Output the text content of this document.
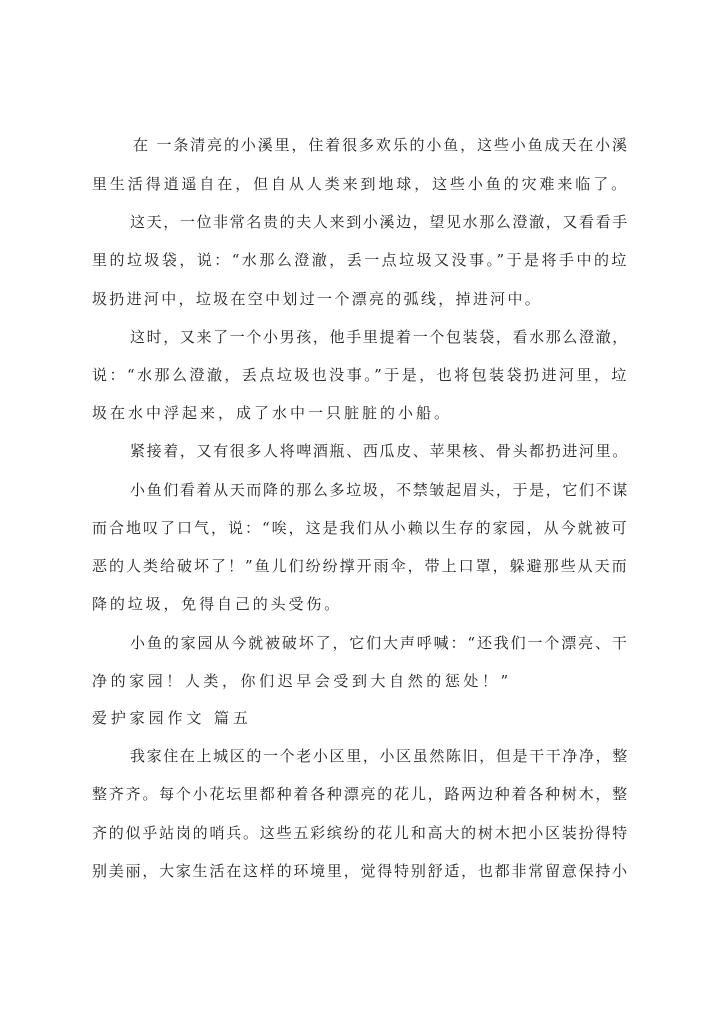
在 一条清亮的小溪里，住着很多欢乐的小鱼，这些小鱼成天在小溪
里生活得逍遥自在，但自从人类来到地球，这些小鱼的灾难来临了。
这天，一位非常名贵的夫人来到小溪边，望见水那么澄澈，又看看手
里的垃圾袋，说：“水那么澄澈，丢一点垃圾又没事。”于是将手中的垃
圾扔进河中，垃圾在空中划过一个漂亮的弧线，掉进河中。
这时，又来了一个小男孩，他手里提着一个包装袋，看水那么澄澈，
说：“水那么澄澈，丢点垃圾也没事。”于是，也将包装袋扔进河里，垃
圾在水中浮起来，成了水中一只脏脏的小船。
紧接着，又有很多人将啤酒瓶、西瓜皮、苹果核、骨头都扔进河里。
小鱼们看着从天而降的那么多垃圾，不禁皱起眉头，于是，它们不谋
而合地叹了口气，说：“唉，这是我们从小赖以生存的家园，从今就被可
恶的人类给破坏了！”鱼儿们纷纷撑开雨伞，带上口罩，躲避那些从天而
降的垃圾，免得自己的头受伤。
小鱼的家园从今就被破坏了，它们大声呼喊：“还我们一个漂亮、干
净的家园！人类，你们迟早会受到大自然的惩处！”
爱护家园作文 篇五
我家住在上城区的一个老小区里，小区虽然陈旧，但是干干净净，整
整齐齐。每个小花坛里都种着各种漂亮的花儿，路两边种着各种树木，整
齐的似乎站岗的哨兵。这些五彩缤纷的花儿和高大的树木把小区装扮得特
别美丽，大家生活在这样的环境里，觉得特别舒适，也都非常留意保持小
